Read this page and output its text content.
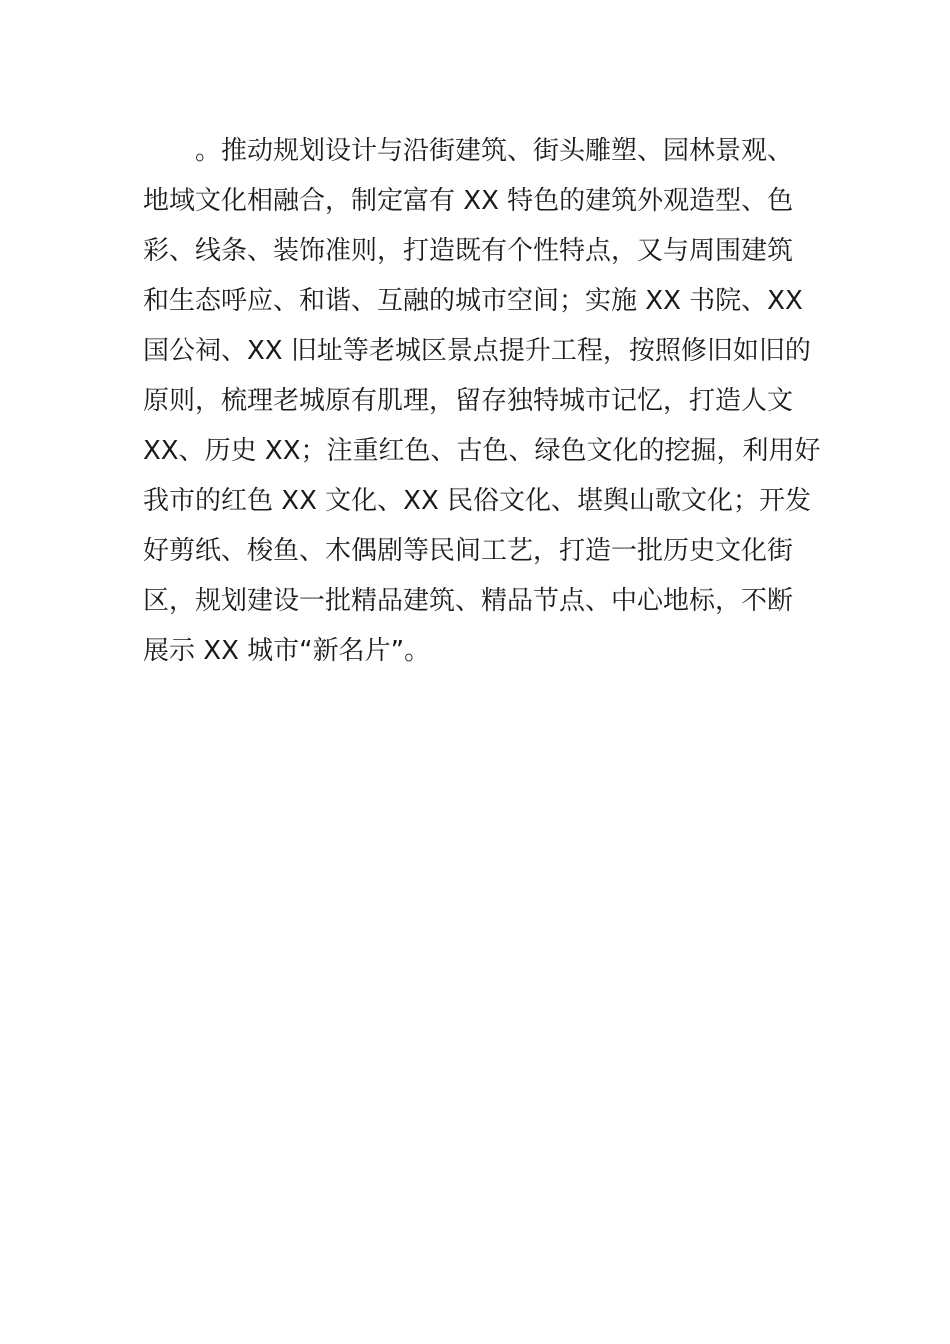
。推动规划设计与沿街建筑、街头雕塑、园林景观、
地域文化相融合，制定富有 XX 特色的建筑外观造型、色
彩、线条、装饰准则，打造既有个性特点，又与周围建筑
和生态呼应、和谐、互融的城市空间；实施 XX 书院、XX
国公祠、XX 旧址等老城区景点提升工程，按照修旧如旧的
原则，梳理老城原有肌理，留存独特城市记忆，打造人文
XX、历史 XX；注重红色、古色、绿色文化的挖掘，利用好
我市的红色 XX 文化、XX 民俗文化、堪舆山歌文化；开发
好剪纸、梭鱼、木偶剧等民间工艺，打造一批历史文化街
区，规划建设一批精品建筑、精品节点、中心地标，不断
展示 XX 城市“新名片”。
